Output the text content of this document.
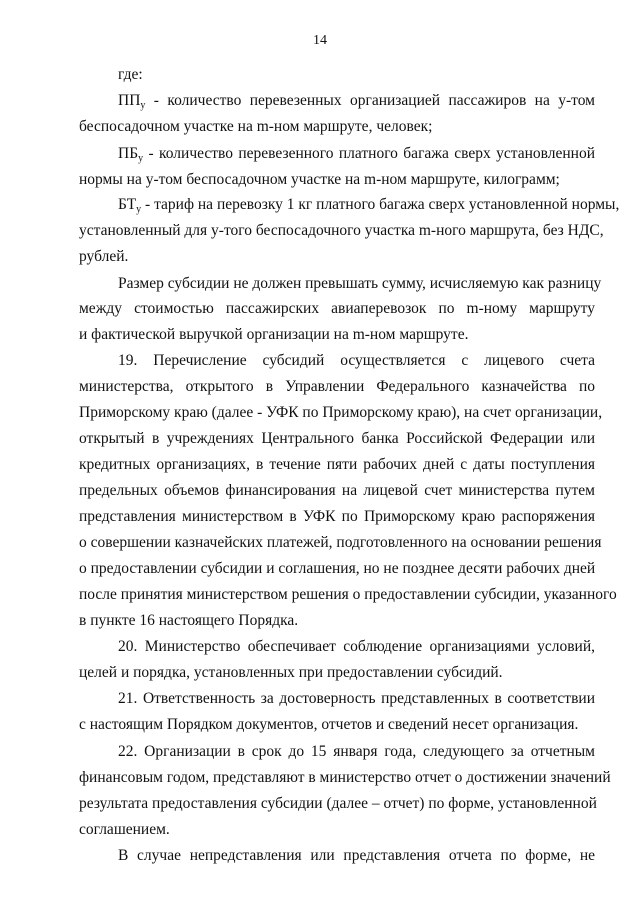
14
где:
$ПП_у$ - количество перевезенных организацией пассажиров на у-том
беспосадочном участке на m-ном маршруте, человек;
$ПБ_у$ - количество перевезенного платного багажа сверх установленной
нормы на у-том беспосадочном участке на m-ном маршруте, килограмм;
$БТ_у$ - тариф на перевозку 1 кг платного багажа сверх установленной нормы,
установленный для у-того беспосадочного участка m-ного маршрута, без НДС,
рублей.
Размер субсидии не должен превышать сумму, исчисляемую как разницу
между стоимостью пассажирских авиаперевозок по m-ному маршруту
и фактической выручкой организации на m-ном маршруте.
19. Перечисление субсидий осуществляется с лицевого счета
министерства, открытого в Управлении Федерального казначейства по
Приморскому краю (далее - УФК по Приморскому краю), на счет организации,
открытый в учреждениях Центрального банка Российской Федерации или
кредитных организациях, в течение пяти рабочих дней с даты поступления
предельных объемов финансирования на лицевой счет министерства путем
представления министерством в УФК по Приморскому краю распоряжения
о совершении казначейских платежей, подготовленного на основании решения
о предоставлении субсидии и соглашения, но не позднее десяти рабочих дней
после принятия министерством решения о предоставлении субсидии, указанного
в пункте 16 настоящего Порядка.
20. Министерство обеспечивает соблюдение организациями условий,
целей и порядка, установленных при предоставлении субсидий.
21. Ответственность за достоверность представленных в соответствии
с настоящим Порядком документов, отчетов и сведений несет организация.
22. Организации в срок до 15 января года, следующего за отчетным
финансовым годом, представляют в министерство отчет о достижении значений
результата предоставления субсидии (далее – отчет) по форме, установленной
соглашением.
В случае непредставления или представления отчета по форме, не
